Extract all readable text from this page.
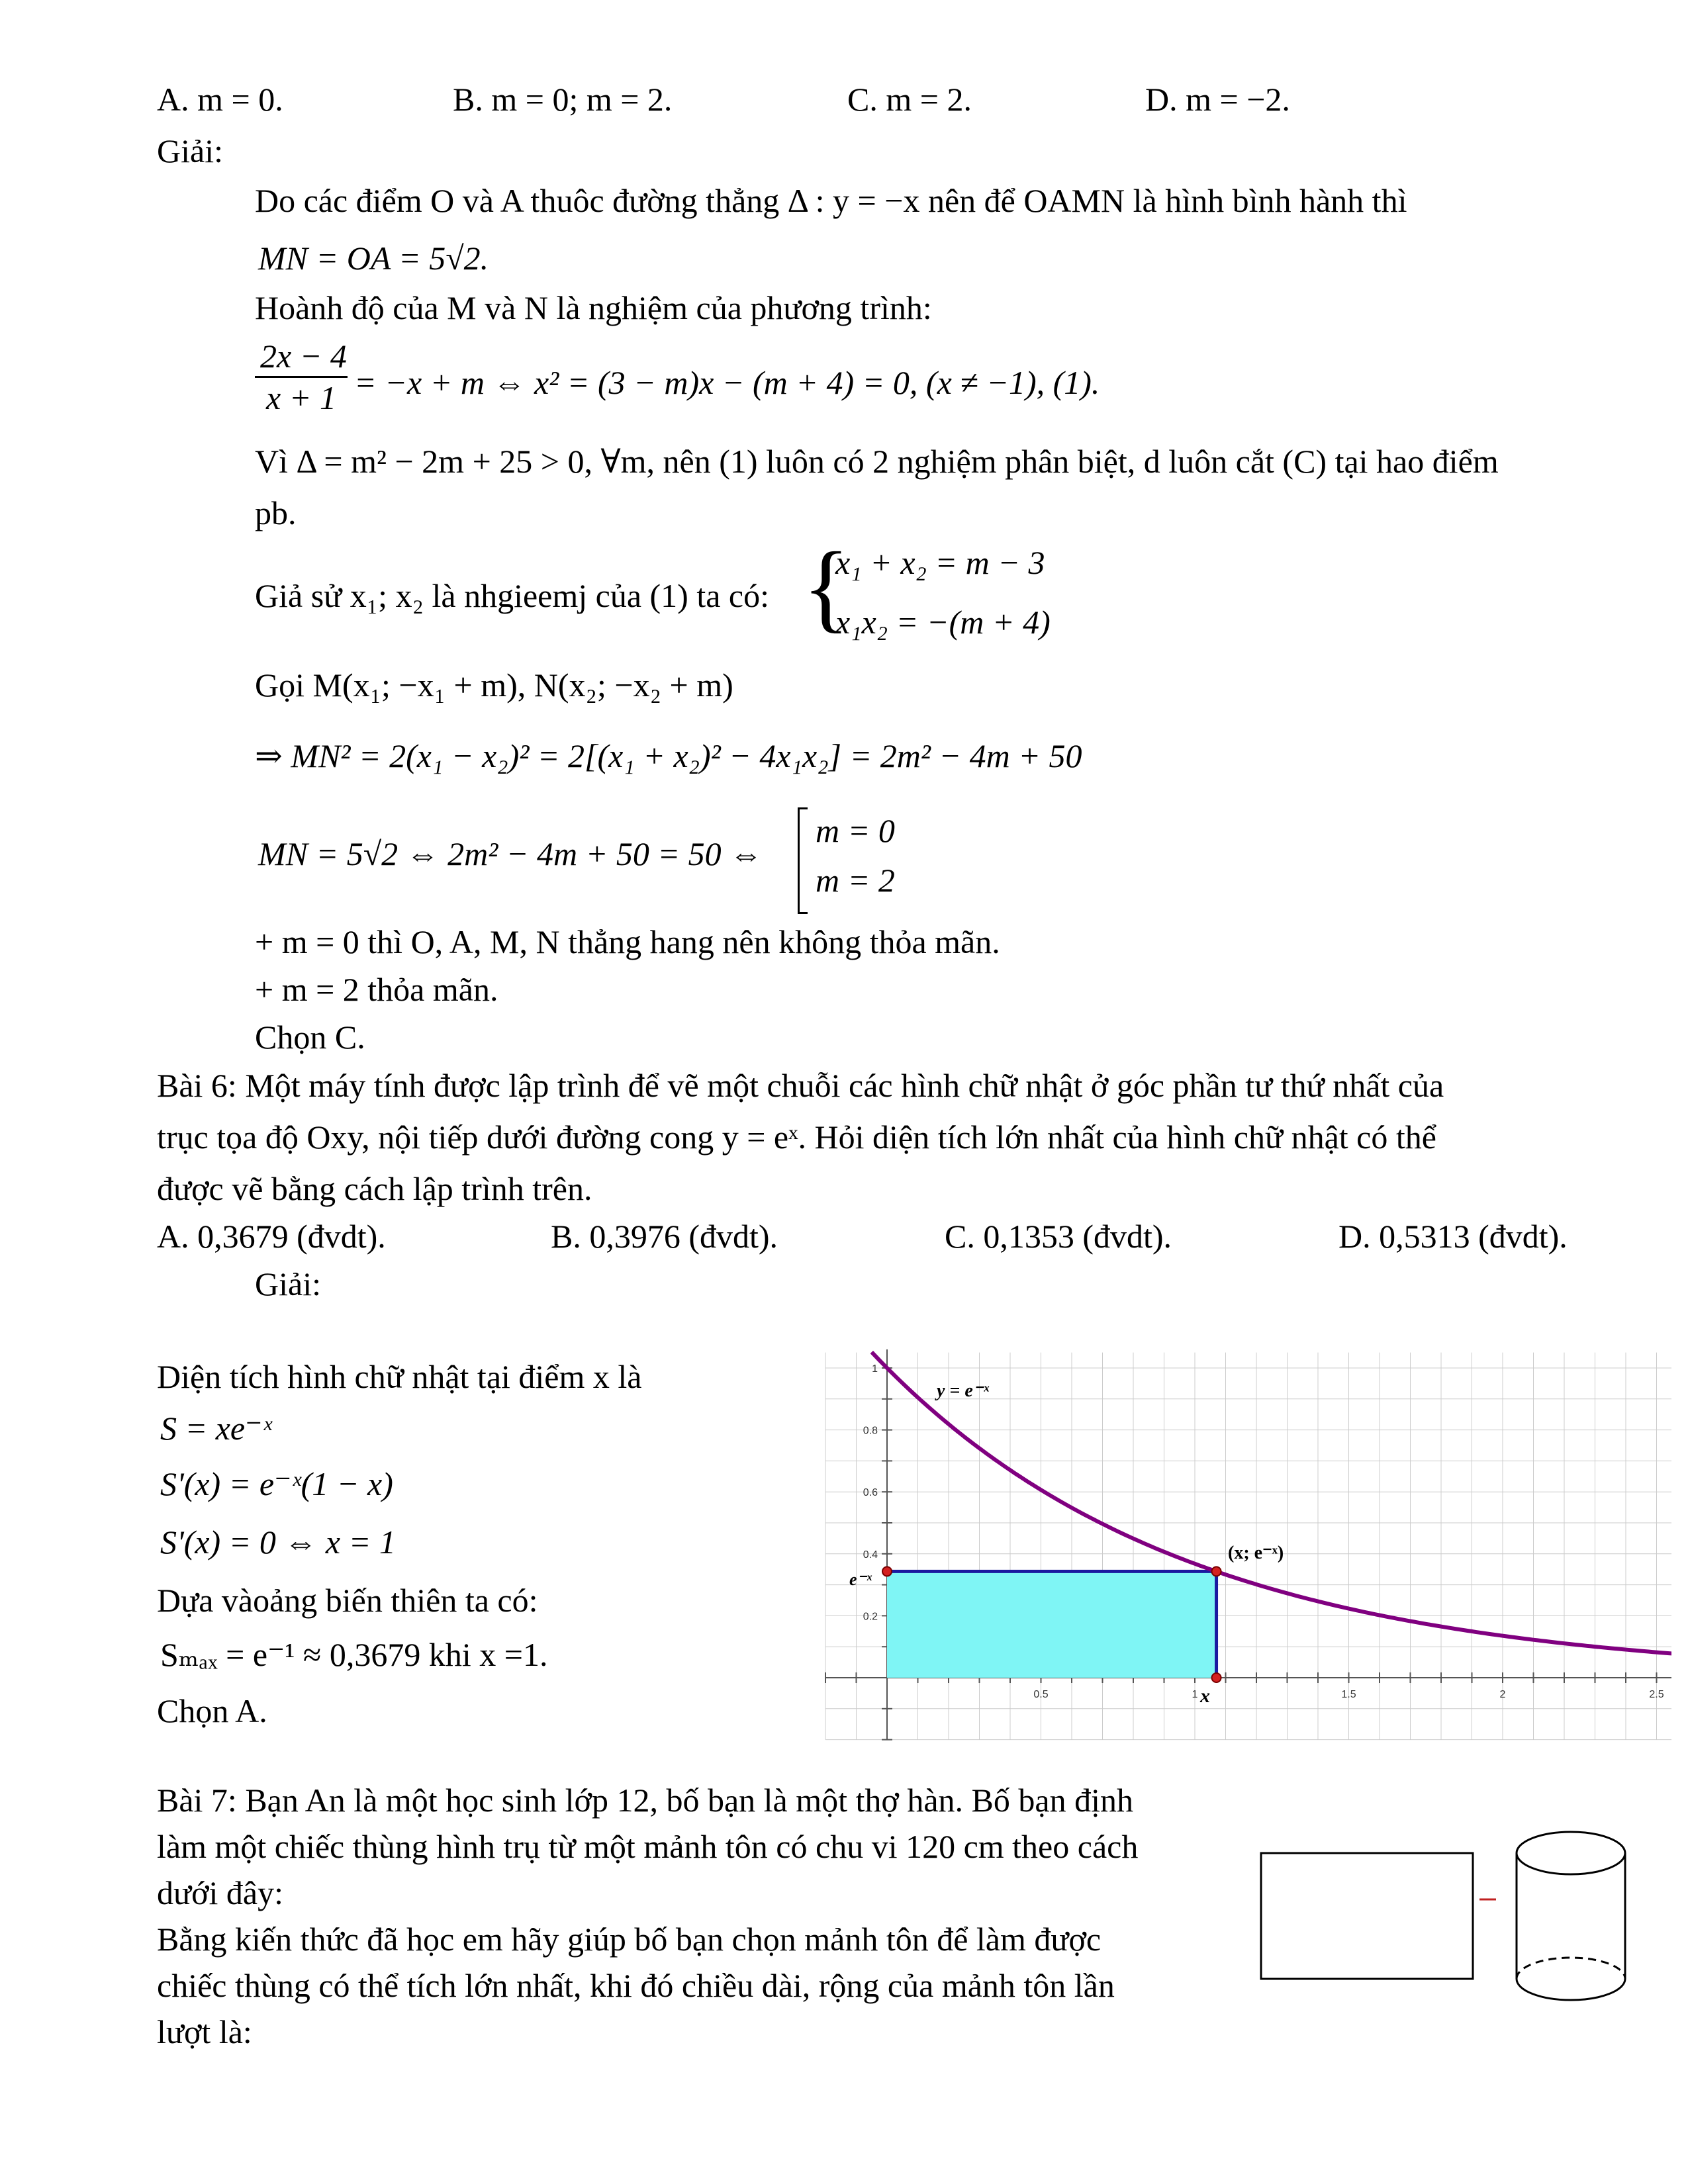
A. m = 0.	B. m = 0; m = 2.	C. m = 2.	D. m = −2.
Giải:
Do các điểm O và A thuôc đường thẳng Δ : y = −x nên để OAMN là hình bình hành thì
MN = OA = 5√2.
Hoành độ của M và N là nghiệm của phương trình:
$\frac{2x - 4}{x + 1} = -x + m$ ⇔ x² = (3 − m)x − (m + 4) = 0, (x ≠ −1), (1).
Vì Δ = m² − 2m + 25 > 0, ∀m, nên (1) luôn có 2 nghiệm phân biệt, d luôn cắt (C) tại hao điểm
pb.
Giả sử x₁; x₂ là nhgieemj của (1) ta có: {
x₁ + x₂ = m − 3
x₁x₂ = −(m + 4)
Gọi M(x₁; −x₁ + m), N(x₂; −x₂ + m)
⇒ MN² = 2(x₁ − x₂)² = 2[(x₁ + x₂)² − 4x₁x₂] = 2m² − 4m + 50
MN = 5√2 ⇔ 2m² − 4m + 50 = 50 ⇔
m = 0
m = 2
+ m = 0 thì O, A, M, N thẳng hang nên không thỏa mãn.
+ m = 2 thỏa mãn.
Chọn C.
Bài 6: Một máy tính được lập trình để vẽ một chuỗi các hình chữ nhật ở góc phần tư thứ nhất của
trục tọa độ Oxy, nội tiếp dưới đường cong y = eˣ. Hỏi diện tích lớn nhất của hình chữ nhật có thể
được vẽ bằng cách lập trình trên.
A. 0,3679 (đvdt).	B. 0,3976 (đvdt).	C. 0,1353 (đvdt).	D. 0,5313 (đvdt).
Giải:
Diện tích hình chữ nhật tại điểm x là
S = xe⁻ˣ
S'(x) = e⁻ˣ(1 − x)
S'(x) = 0 ⇔ x = 1
Dựa vàoảng biến thiên ta có:
Sₘₐₓ = e⁻¹ ≈ 0,3679 khi x =1.
Chọn A.	0.5	1	1.5	2	2.5
0.2
0.4
0.6
0.8
1
y = e⁻ˣ
(x; e⁻ˣ)
e⁻ˣ
x
Bài 7: Bạn An là một học sinh lớp 12, bố bạn là một thợ hàn. Bố bạn định
làm một chiếc thùng hình trụ từ một mảnh tôn có chu vi 120 cm theo cách
dưới đây:
Bằng kiến thức đã học em hãy giúp bố bạn chọn mảnh tôn để làm được
chiếc thùng có thể tích lớn nhất, khi đó chiều dài, rộng của mảnh tôn lần
lượt là:
